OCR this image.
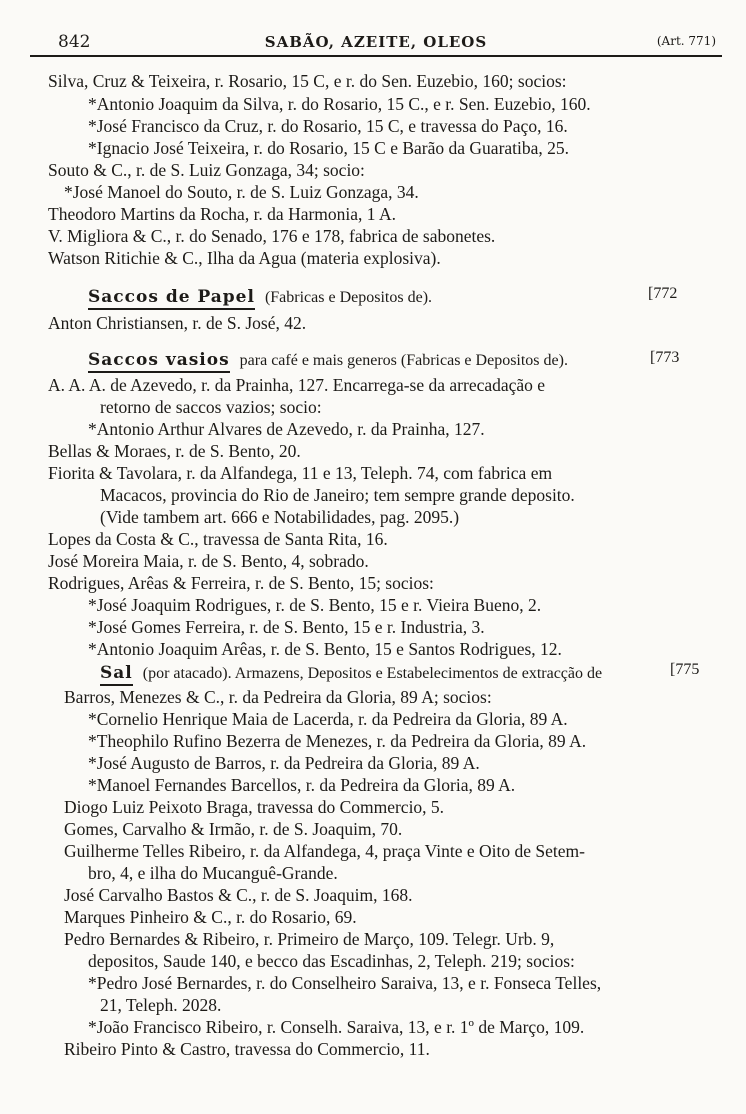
842	SABÃO, AZEITE, OLEOS	(Art. 771)
Silva, Cruz & Teixeira, r. Rosario, 15 C, e r. do Sen. Euzebio, 160; socios:
*Antonio Joaquim da Silva, r. do Rosario, 15 C., e r. Sen. Euzebio, 160.
*José Francisco da Cruz, r. do Rosario, 15 C, e travessa do Paço, 16.
*Ignacio José Teixeira, r. do Rosario, 15 C e Barão da Guaratiba, 25.
Souto & C., r. de S. Luiz Gonzaga, 34; socio:
*José Manoel do Souto, r. de S. Luiz Gonzaga, 34.
Theodoro Martins da Rocha, r. da Harmonia, 1 A.
V. Migliora & C., r. do Senado, 176 e 178, fabrica de sabonetes.
Watson Ritichie & C., Ilha da Agua (materia explosiva).
Saccos de Papel (Fabricas e Depositos de).	[772
Anton Christiansen, r. de S. José, 42.
Saccos vasios para café e mais generos (Fabricas e Depositos de).	[773
A. A. A. de Azevedo, r. da Prainha, 127. Encarrega-se da arrecadação e
retorno de saccos vazios; socio:
*Antonio Arthur Alvares de Azevedo, r. da Prainha, 127.
Bellas & Moraes, r. de S. Bento, 20.
Fiorita & Tavolara, r. da Alfandega, 11 e 13, Teleph. 74, com fabrica em
Macacos, provincia do Rio de Janeiro; tem sempre grande deposito.
(Vide tambem art. 666 e Notabilidades, pag. 2095.)
Lopes da Costa & C., travessa de Santa Rita, 16.
José Moreira Maia, r. de S. Bento, 4, sobrado.
Rodrigues, Arêas & Ferreira, r. de S. Bento, 15; socios:
*José Joaquim Rodrigues, r. de S. Bento, 15 e r. Vieira Bueno, 2.
*José Gomes Ferreira, r. de S. Bento, 15 e r. Industria, 3.
*Antonio Joaquim Arêas, r. de S. Bento, 15 e Santos Rodrigues, 12.
Sal (por atacado). Armazens, Depositos e Estabelecimentos de extracção de	[775
Barros, Menezes & C., r. da Pedreira da Gloria, 89 A; socios:
*Cornelio Henrique Maia de Lacerda, r. da Pedreira da Gloria, 89 A.
*Theophilo Rufino Bezerra de Menezes, r. da Pedreira da Gloria, 89 A.
*José Augusto de Barros, r. da Pedreira da Gloria, 89 A.
*Manoel Fernandes Barcellos, r. da Pedreira da Gloria, 89 A.
Diogo Luiz Peixoto Braga, travessa do Commercio, 5.
Gomes, Carvalho & Irmão, r. de S. Joaquim, 70.
Guilherme Telles Ribeiro, r. da Alfandega, 4, praça Vinte e Oito de Setem-
bro, 4, e ilha do Mucanguê-Grande.
José Carvalho Bastos & C., r. de S. Joaquim, 168.
Marques Pinheiro & C., r. do Rosario, 69.
Pedro Bernardes & Ribeiro, r. Primeiro de Março, 109. Telegr. Urb. 9,
depositos, Saude 140, e becco das Escadinhas, 2, Teleph. 219; socios:
*Pedro José Bernardes, r. do Conselheiro Saraiva, 13, e r. Fonseca Telles,
21, Teleph. 2028.
*João Francisco Ribeiro, r. Conselh. Saraiva, 13, e r. 1º de Março, 109.
Ribeiro Pinto & Castro, travessa do Commercio, 11.
